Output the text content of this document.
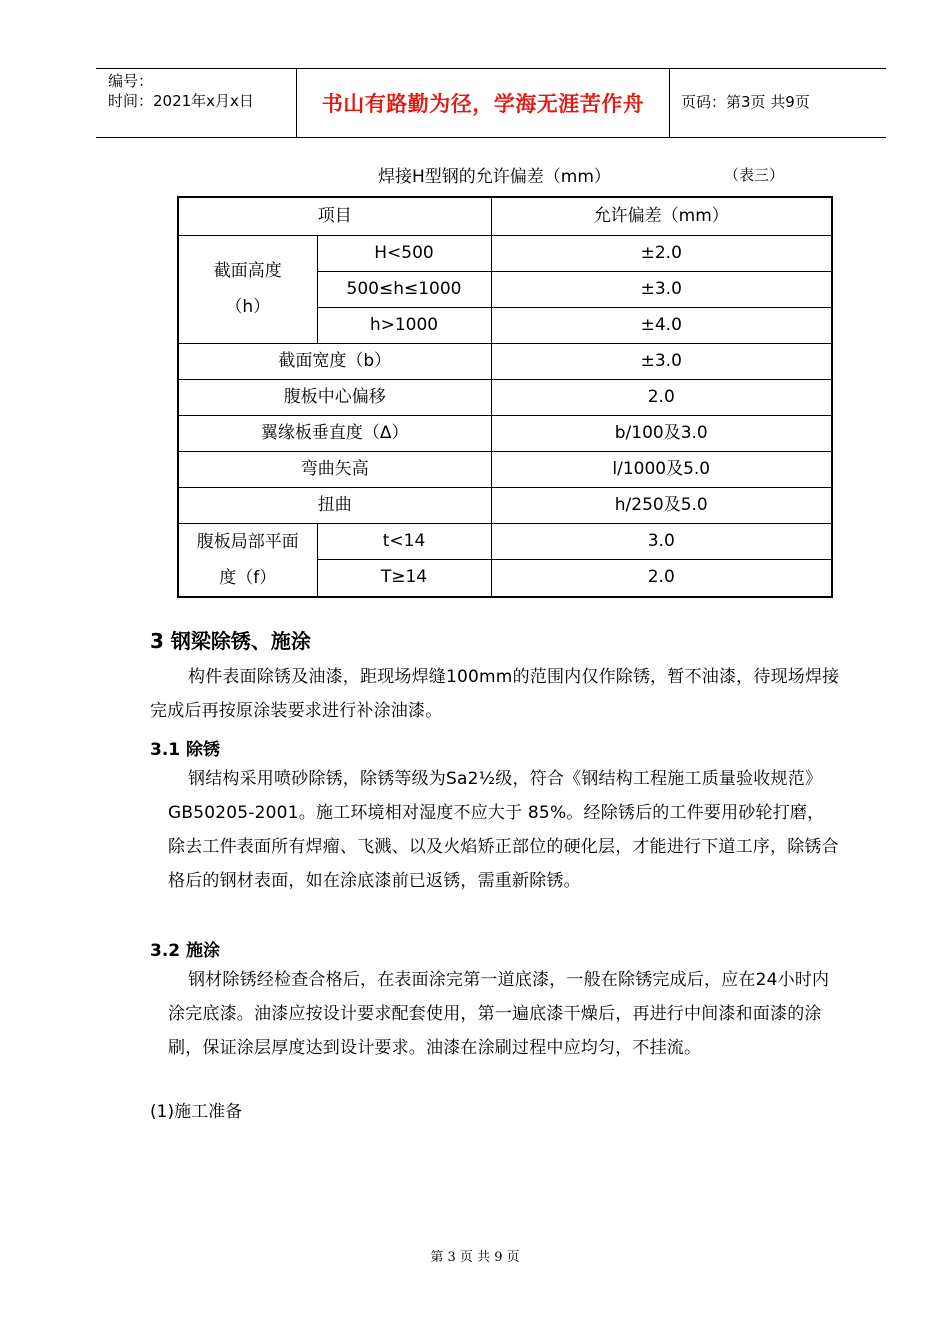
编号：
时间：2021年x月x日	书山有路勤为径，学海无涯苦作舟	页码：第3页 共9页
焊接H型钢的允许偏差（mm）	（表三）
项目		允许偏差（mm）

截面高度
（h）	H<500	±2.0
	500≤h≤1000	±3.0
	h>1000	±4.0
截面宽度（b）		±3.0
腹板中心偏移		2.0
翼缘板垂直度（Δ）		b/100及3.0
弯曲矢高		l/1000及5.0
扭曲		h/250及5.0

腹板局部平面
度（f）	t<14	3.0
	T≥14	2.0
3 钢梁除锈、施涂
构件表面除锈及油漆，距现场焊缝100mm的范围内仅作除锈，暂不油漆，待现场焊接完成后再按原涂装要求进行补涂油漆。
3.1 除锈
钢结构采用喷砂除锈，除锈等级为Sa2½级，符合《钢结构工程施工质量验收规范》GB50205-2001。施工环境相对湿度不应大于 85%。经除锈后的工件要用砂轮打磨，除去工件表面所有焊瘤、飞溅、以及火焰矫正部位的硬化层，才能进行下道工序，除锈合格后的钢材表面，如在涂底漆前已返锈，需重新除锈。
3.2 施涂
钢材除锈经检查合格后，在表面涂完第一道底漆，一般在除锈完成后，应在24小时内涂完底漆。油漆应按设计要求配套使用，第一遍底漆干燥后，再进行中间漆和面漆的涂刷，保证涂层厚度达到设计要求。油漆在涂刷过程中应均匀，不挂流。
(1)施工准备
第 3 页 共 9 页
